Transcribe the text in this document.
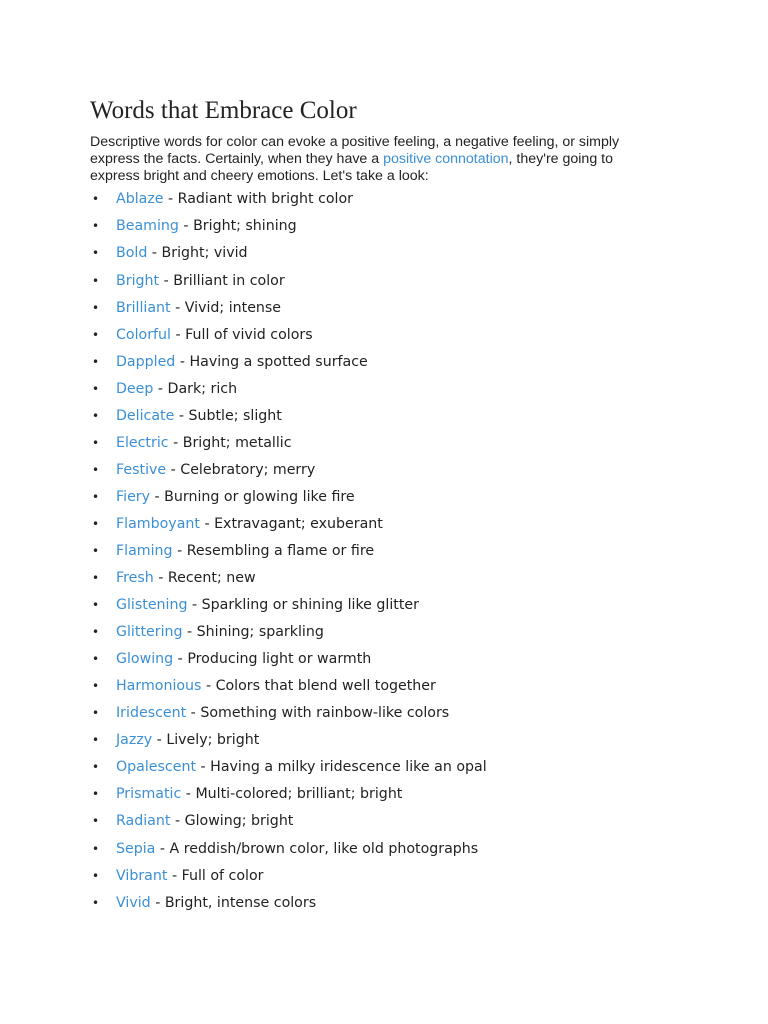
Words that Embrace Color

Descriptive words for color can evoke a positive feeling, a negative feeling, or simply express the facts. Certainly, when they have a positive connotation, they're going to express bright and cheery emotions. Let's take a look:

• Ablaze - Radiant with bright color
• Beaming - Bright; shining
• Bold - Bright; vivid
• Bright - Brilliant in color
• Brilliant - Vivid; intense
• Colorful - Full of vivid colors
• Dappled - Having a spotted surface
• Deep - Dark; rich
• Delicate - Subtle; slight
• Electric - Bright; metallic
• Festive - Celebratory; merry
• Fiery - Burning or glowing like fire
• Flamboyant - Extravagant; exuberant
• Flaming - Resembling a flame or fire
• Fresh - Recent; new
• Glistening - Sparkling or shining like glitter
• Glittering - Shining; sparkling
• Glowing - Producing light or warmth
• Harmonious - Colors that blend well together
• Iridescent - Something with rainbow-like colors
• Jazzy - Lively; bright
• Opalescent - Having a milky iridescence like an opal
• Prismatic - Multi-colored; brilliant; bright
• Radiant - Glowing; bright
• Sepia - A reddish/brown color, like old photographs
• Vibrant - Full of color
• Vivid - Bright, intense colors
